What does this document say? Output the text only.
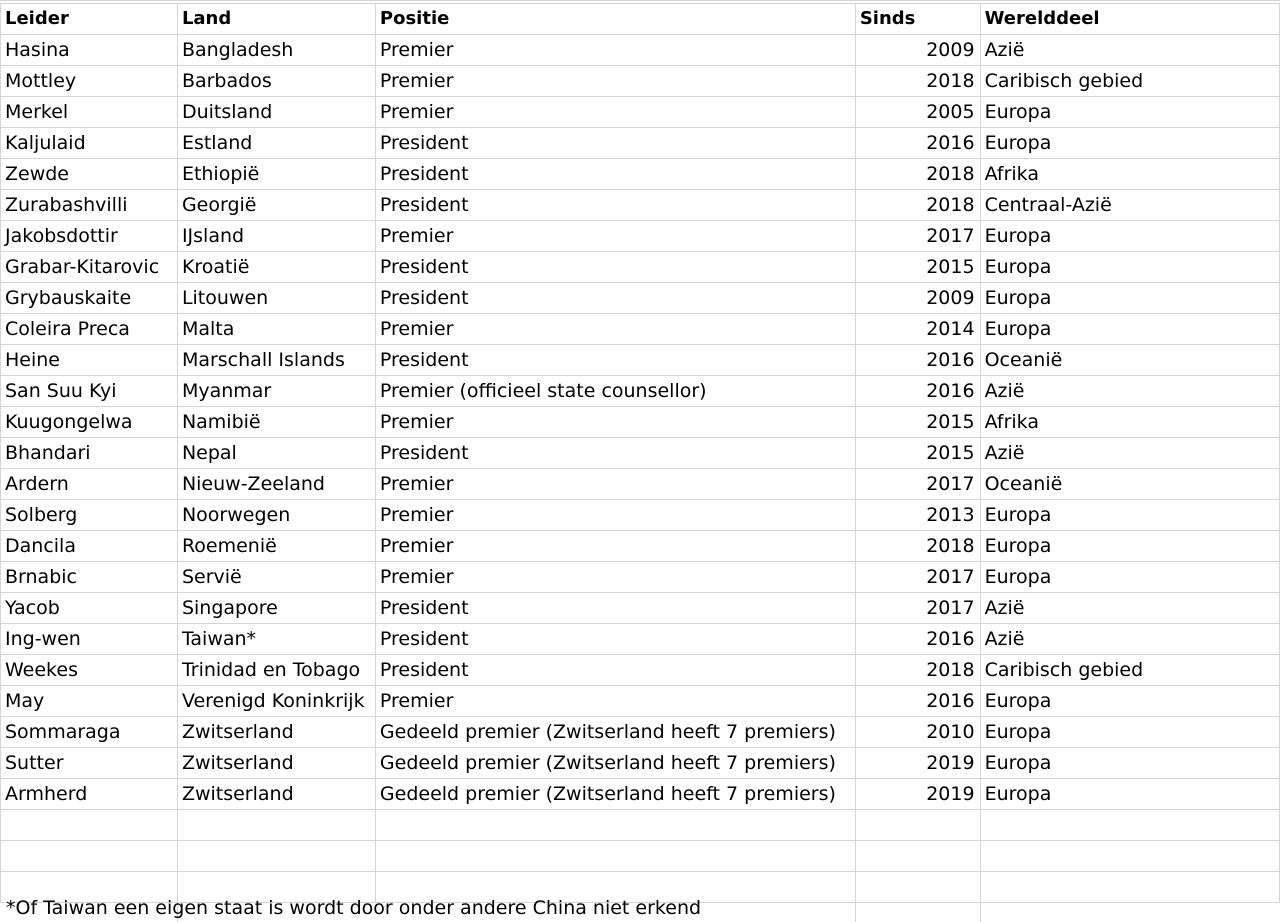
Leider	Land	Positie	Sinds	Werelddeel
Hasina	Bangladesh	Premier	2009	Azië
Mottley	Barbados	Premier	2018	Caribisch gebied
Merkel	Duitsland	Premier	2005	Europa
Kaljulaid	Estland	President	2016	Europa
Zewde	Ethiopië	President	2018	Afrika
Zurabashvilli	Georgië	President	2018	Centraal-Azië
Jakobsdottir	IJsland	Premier	2017	Europa
Grabar-Kitarovic	Kroatië	President	2015	Europa
Grybauskaite	Litouwen	President	2009	Europa
Coleira Preca	Malta	Premier	2014	Europa
Heine	Marschall Islands	President	2016	Oceanië
San Suu Kyi	Myanmar	Premier (officieel state counsellor)	2016	Azië
Kuugongelwa	Namibië	Premier	2015	Afrika
Bhandari	Nepal	President	2015	Azië
Ardern	Nieuw-Zeeland	Premier	2017	Oceanië
Solberg	Noorwegen	Premier	2013	Europa
Dancila	Roemenië	Premier	2018	Europa
Brnabic	Servië	Premier	2017	Europa
Yacob	Singapore	President	2017	Azië
Ing-wen	Taiwan*	President	2016	Azië
Weekes	Trinidad en Tobago	President	2018	Caribisch gebied
May	Verenigd Koninkrijk	Premier	2016	Europa
Sommaraga	Zwitserland	Gedeeld premier (Zwitserland heeft 7 premiers)	2010	Europa
Sutter	Zwitserland	Gedeeld premier (Zwitserland heeft 7 premiers)	2019	Europa
Armherd	Zwitserland	Gedeeld premier (Zwitserland heeft 7 premiers)	2019	Europa

*Of Taiwan een eigen staat is wordt door onder andere China niet erkend
